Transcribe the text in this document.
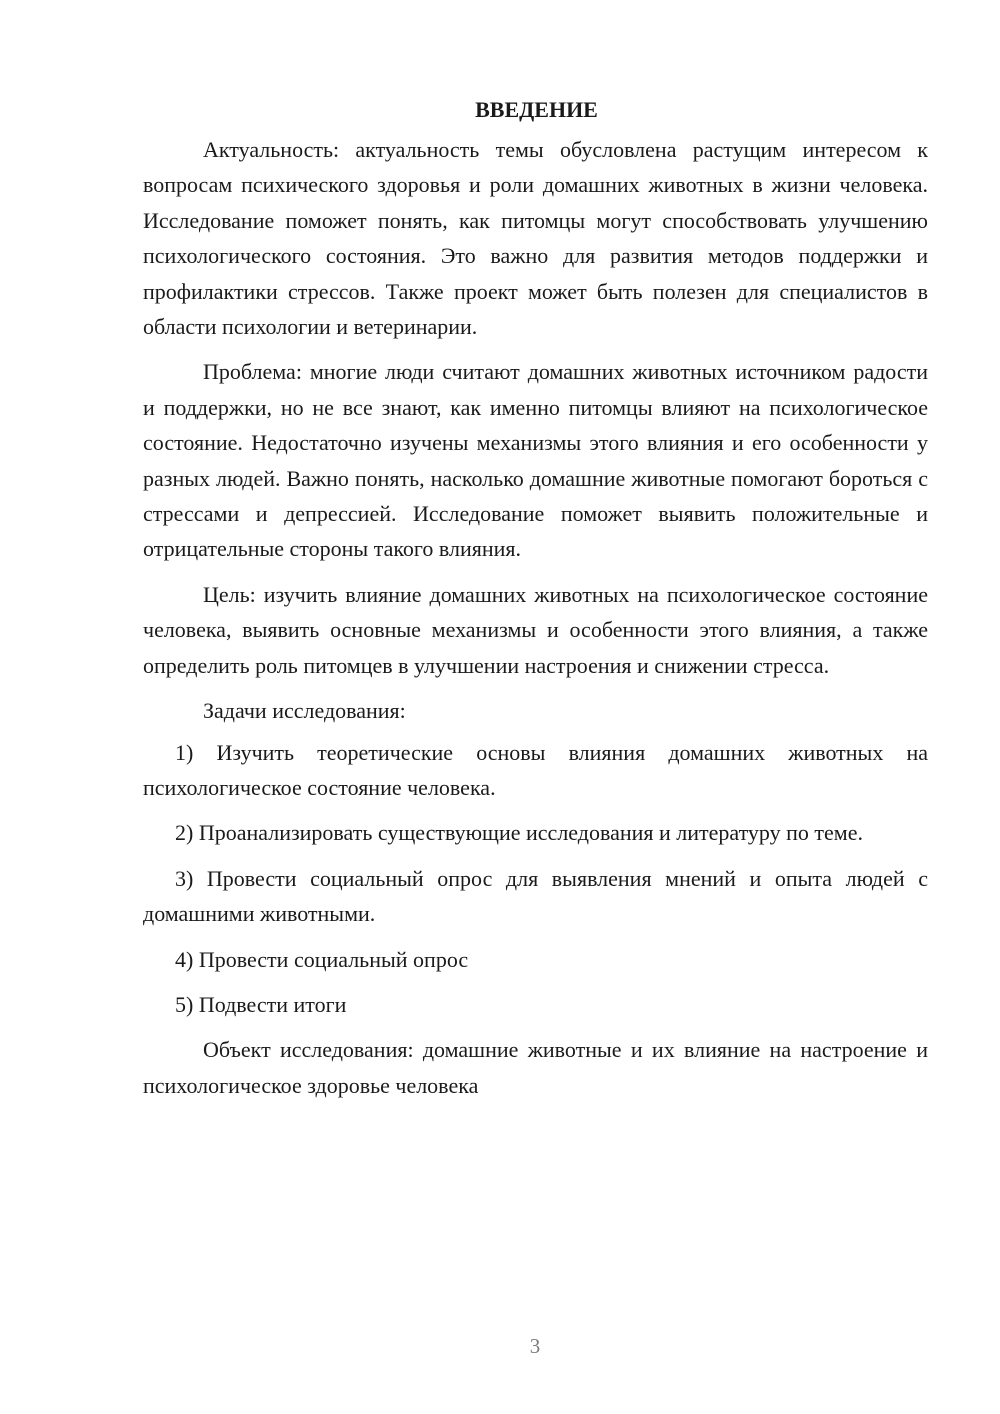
ВВЕДЕНИЕ

Актуальность: актуальность темы обусловлена растущим интересом к вопросам психического здоровья и роли домашних животных в жизни человека. Исследование поможет понять, как питомцы могут способствовать улучшению психологического состояния. Это важно для развития методов поддержки и профилактики стрессов. Также проект может быть полезен для специалистов в области психологии и ветеринарии.

Проблема: многие люди считают домашних животных источником радости и поддержки, но не все знают, как именно питомцы влияют на психологическое состояние. Недостаточно изучены механизмы этого влияния и его особенности у разных людей. Важно понять, насколько домашние животные помогают бороться с стрессами и депрессией. Исследование поможет выявить положительные и отрицательные стороны такого влияния.

Цель: изучить влияние домашних животных на психологическое состояние человека, выявить основные механизмы и особенности этого влияния, а также определить роль питомцев в улучшении настроения и снижении стресса.

Задачи исследования:

1) Изучить теоретические основы влияния домашних животных на психологическое состояние человека.

2) Проанализировать существующие исследования и литературу по теме.

3) Провести социальный опрос для выявления мнений и опыта людей с домашними животными.

4) Провести социальный опрос

5) Подвести итоги

Объект исследования: домашние животные и их влияние на настроение и психологическое здоровье человека

3
